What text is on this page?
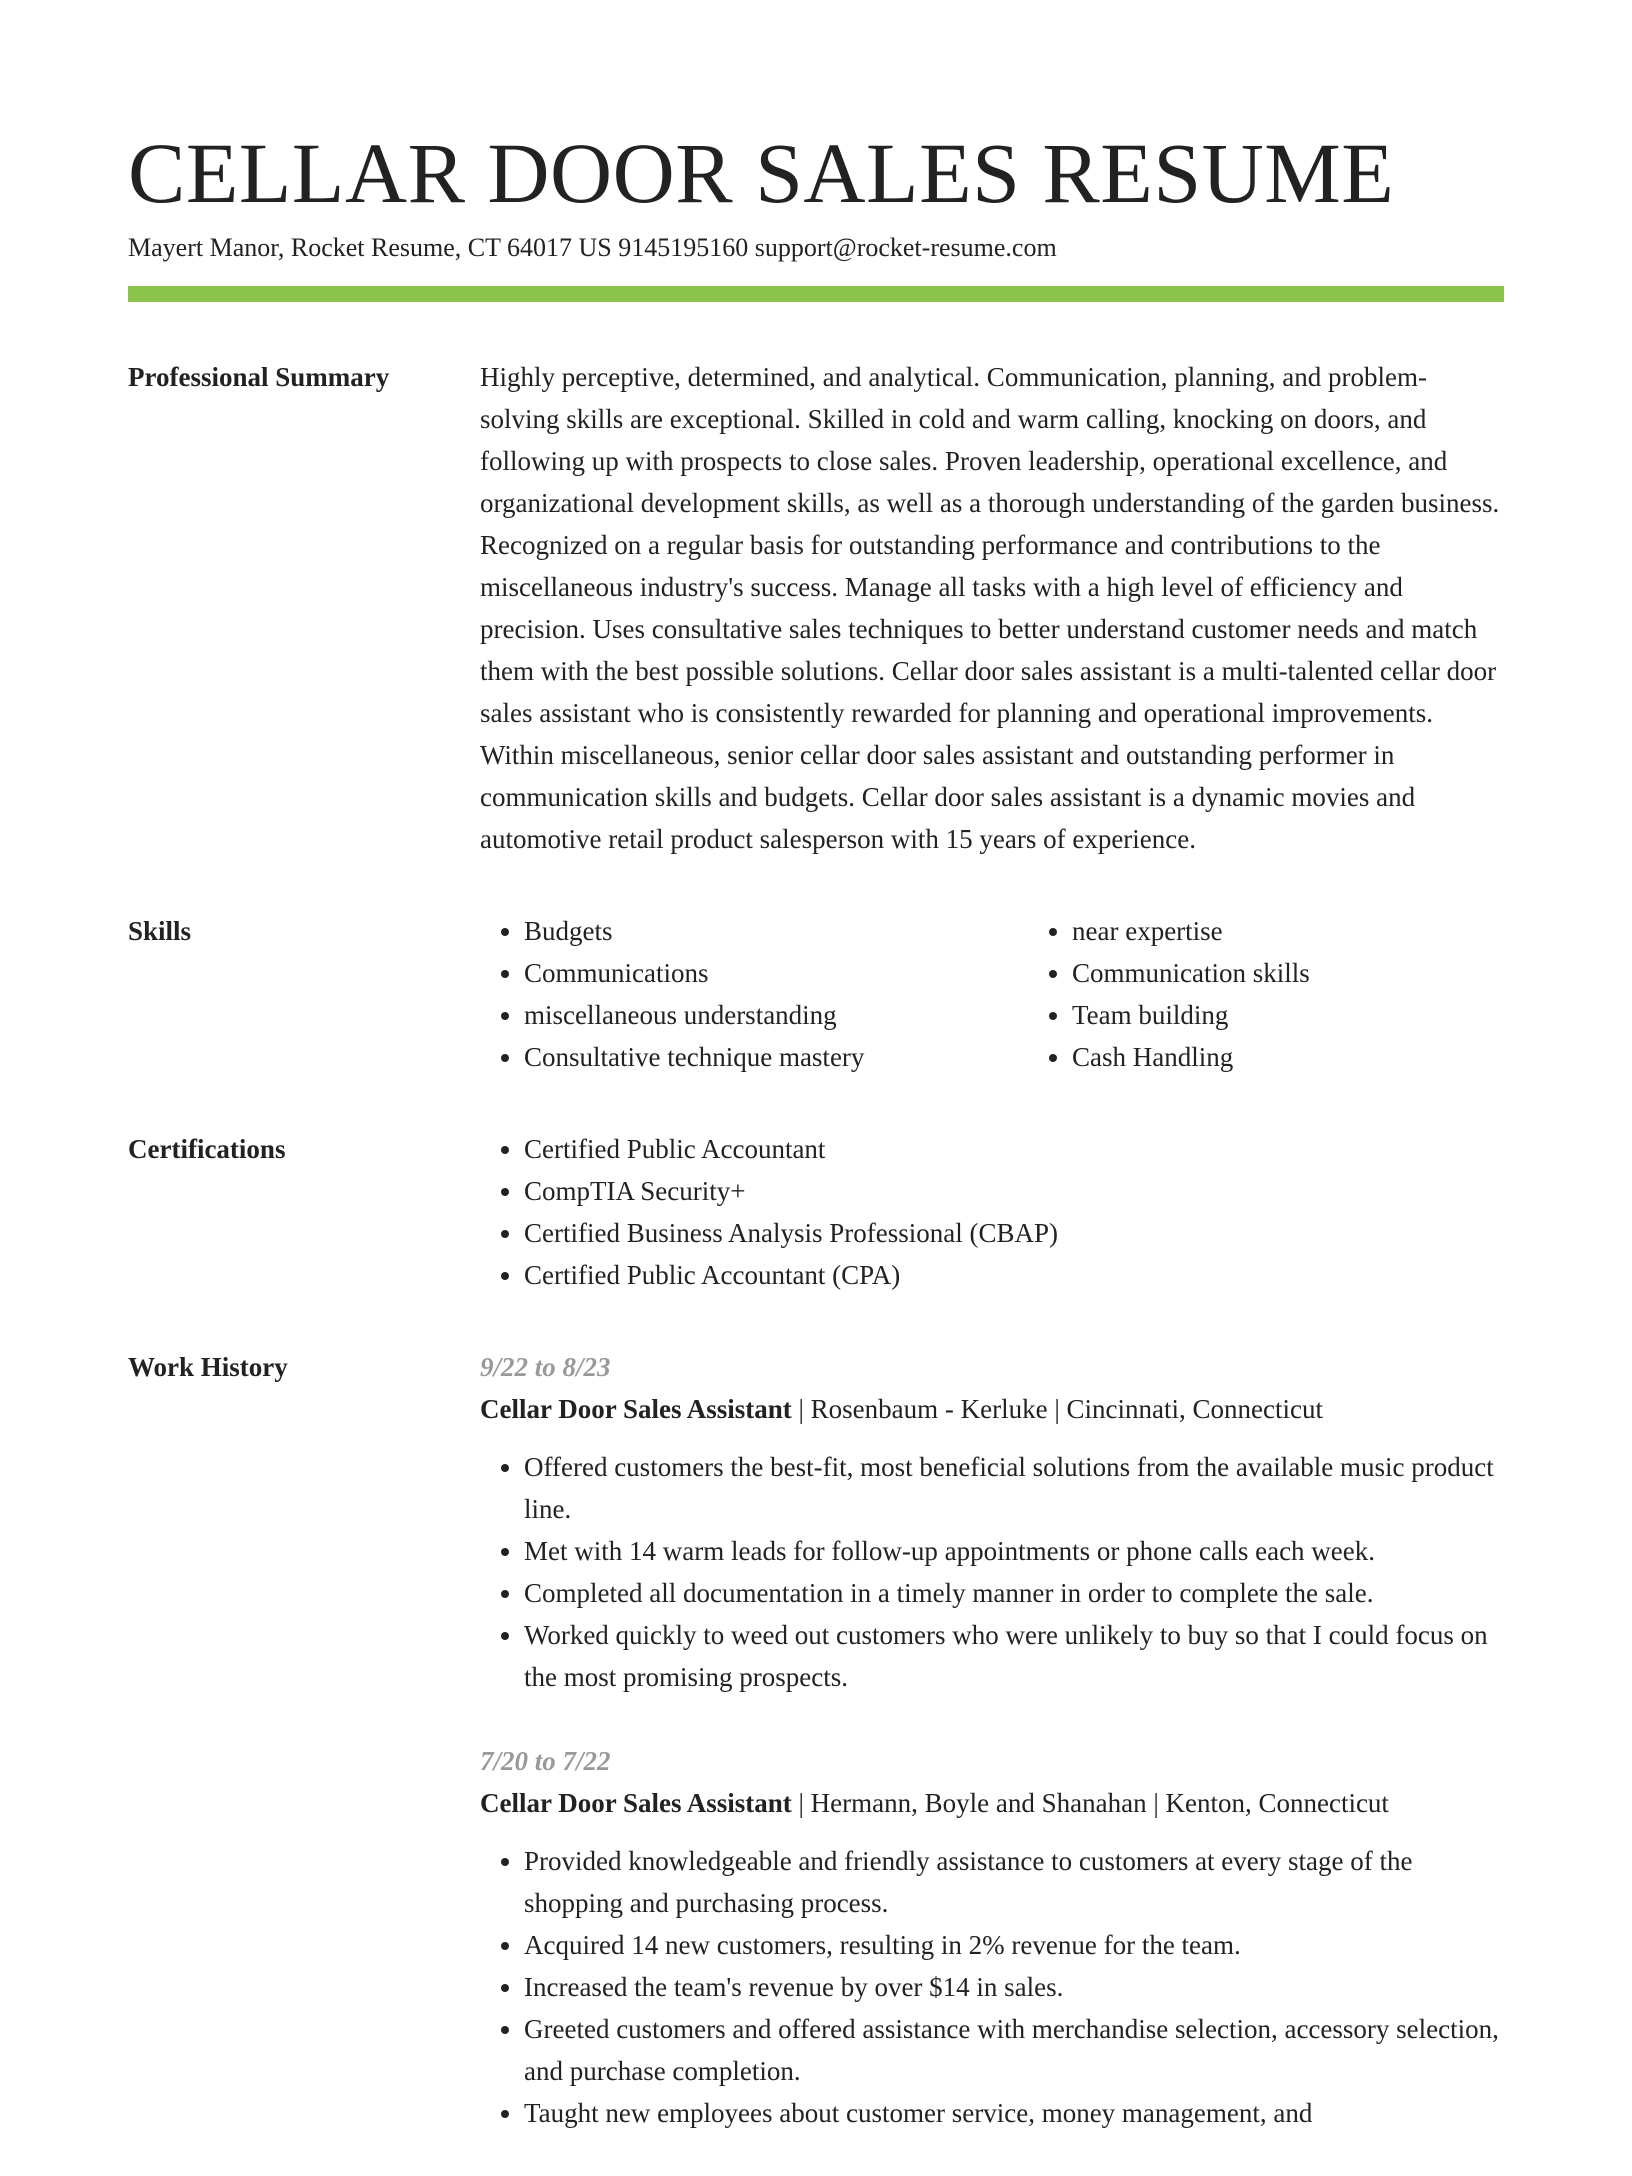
CELLAR DOOR SALES RESUME
Mayert Manor, Rocket Resume, CT 64017 US 9145195160 support@rocket-resume.com
Professional Summary	Highly perceptive, determined, and analytical. Communication, planning, and problem-solving skills are exceptional. Skilled in cold and warm calling, knocking on doors, and following up with prospects to close sales. Proven leadership, operational excellence, and organizational development skills, as well as a thorough understanding of the garden business. Recognized on a regular basis for outstanding performance and contributions to the miscellaneous industry's success. Manage all tasks with a high level of efficiency and precision. Uses consultative sales techniques to better understand customer needs and match them with the best possible solutions. Cellar door sales assistant is a multi-talented cellar door sales assistant who is consistently rewarded for planning and operational improvements. Within miscellaneous, senior cellar door sales assistant and outstanding performer in communication skills and budgets. Cellar door sales assistant is a dynamic movies and automotive retail product salesperson with 15 years of experience.

Skills	• Budgets
• Communications
• miscellaneous understanding
• Consultative technique mastery
• near expertise
• Communication skills
• Team building
• Cash Handling
Certifications	• Certified Public Accountant
• CompTIA Security+
• Certified Business Analysis Professional (CBAP)
• Certified Public Accountant (CPA)
Work History	9/22 to 8/23
Cellar Door Sales Assistant | Rosenbaum - Kerluke | Cincinnati, Connecticut
• Offered customers the best-fit, most beneficial solutions from the available music product line.
• Met with 14 warm leads for follow-up appointments or phone calls each week.
• Completed all documentation in a timely manner in order to complete the sale.
• Worked quickly to weed out customers who were unlikely to buy so that I could focus on the most promising prospects.
7/20 to 7/22
Cellar Door Sales Assistant | Hermann, Boyle and Shanahan | Kenton, Connecticut
• Provided knowledgeable and friendly assistance to customers at every stage of the shopping and purchasing process.
• Acquired 14 new customers, resulting in 2% revenue for the team.
• Increased the team's revenue by over $14 in sales.
• Greeted customers and offered assistance with merchandise selection, accessory selection, and purchase completion.
• Taught new employees about customer service, money management, and
